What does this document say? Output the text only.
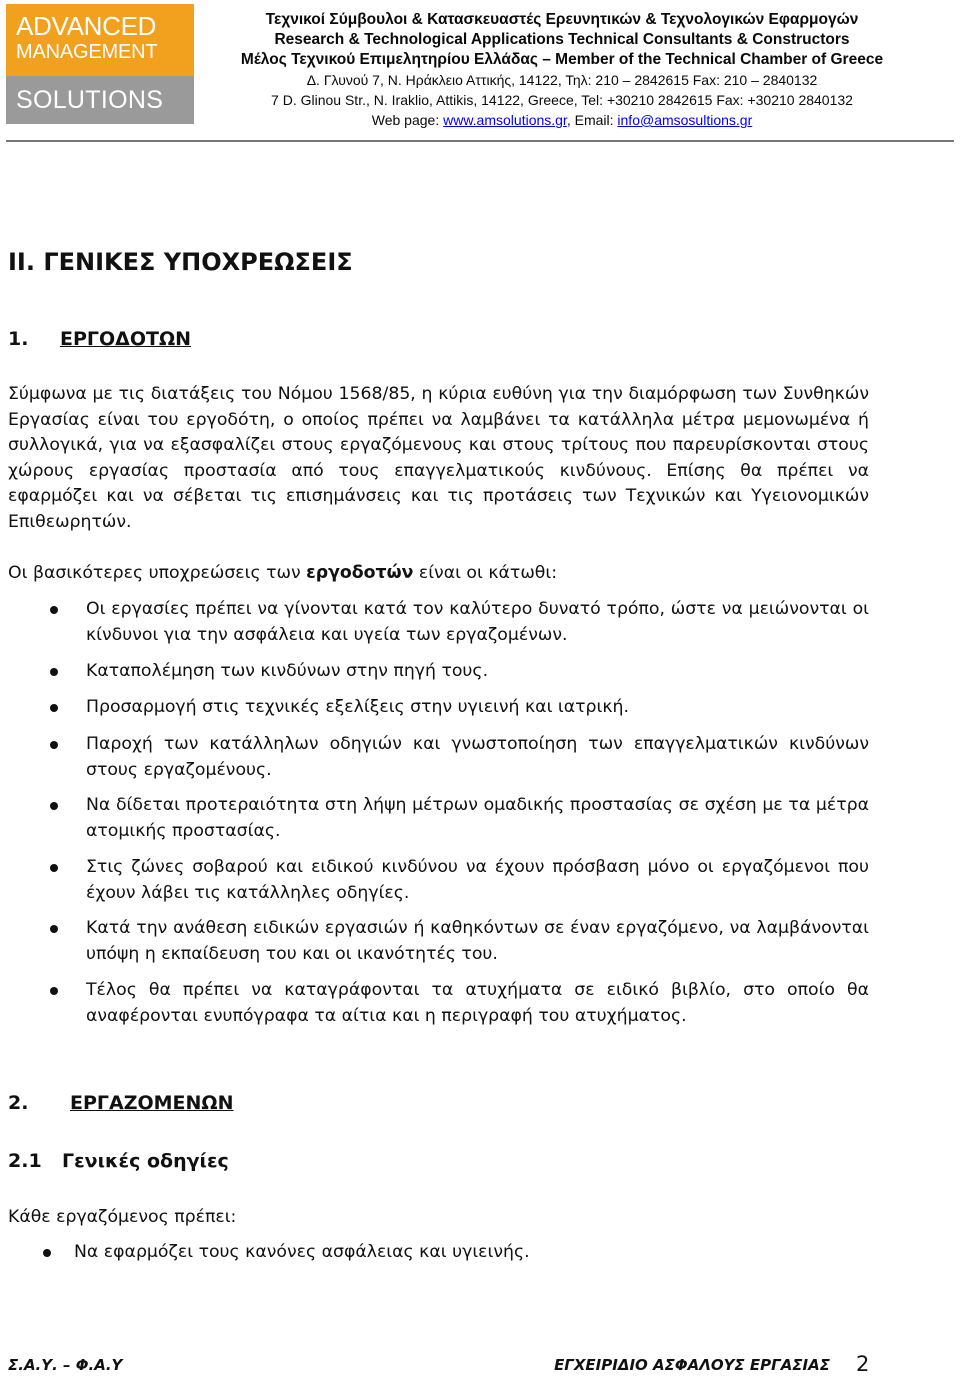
ADVANCED
MANAGEMENT
SOLUTIONS
Τεχνικοί Σύμβουλοι & Κατασκευαστές Ερευνητικών & Τεχνολογικών Εφαρμογών
Research & Technological Applications Technical Consultants & Constructors
Μέλος Τεχνικού Επιμελητηρίου Ελλάδας – Member of the Technical Chamber of Greece
Δ. Γλυνού 7, Ν. Ηράκλειο Αττικής, 14122, Τηλ: 210 – 2842615 Fax: 210 – 2840132
7 D. Glinou Str., N. Iraklio, Attikis, 14122, Greece, Tel: +30210 2842615 Fax: +30210 2840132
Web page: www.amsolutions.gr, Email: info@amsosultions.gr
II. ΓΕΝΙΚΕΣ ΥΠΟΧΡΕΩΣΕΙΣ
1. ΕΡΓΟΔΟΤΩΝ
Σύμφωνα με τις διατάξεις του Νόμου 1568/85, η κύρια ευθύνη για την διαμόρφωση των Συνθηκών Εργασίας είναι του εργοδότη, ο οποίος πρέπει να λαμβάνει τα κατάλληλα μέτρα μεμονωμένα ή συλλογικά, για να εξασφαλίζει στους εργαζόμενους και στους τρίτους που παρευρίσκονται στους χώρους εργασίας προστασία από τους επαγγελματικούς κινδύνους. Επίσης θα πρέπει να εφαρμόζει και να σέβεται τις επισημάνσεις και τις προτάσεις των Τεχνικών και Υγειονομικών Επιθεωρητών.
Οι βασικότερες υποχρεώσεις των εργοδοτών είναι οι κάτωθι:
Οι εργασίες πρέπει να γίνονται κατά τον καλύτερο δυνατό τρόπο, ώστε να μειώνονται οι κίνδυνοι για την ασφάλεια και υγεία των εργαζομένων.
Καταπολέμηση των κινδύνων στην πηγή τους.
Προσαρμογή στις τεχνικές εξελίξεις στην υγιεινή και ιατρική.
Παροχή των κατάλληλων οδηγιών και γνωστοποίηση των επαγγελματικών κινδύνων στους εργαζομένους.
Να δίδεται προτεραιότητα στη λήψη μέτρων ομαδικής προστασίας σε σχέση με τα μέτρα ατομικής προστασίας.
Στις ζώνες σοβαρού και ειδικού κινδύνου να έχουν πρόσβαση μόνο οι εργαζόμενοι που έχουν λάβει τις κατάλληλες οδηγίες.
Κατά την ανάθεση ειδικών εργασιών ή καθηκόντων σε έναν εργαζόμενο, να λαμβάνονται υπόψη η εκπαίδευση του και οι ικανότητές του.
Τέλος θα πρέπει να καταγράφονται τα ατυχήματα σε ειδικό βιβλίο, στο οποίο θα αναφέρονται ενυπόγραφα τα αίτια και η περιγραφή του ατυχήματος.
2. ΕΡΓΑΖΟΜΕΝΩΝ
2.1 Γενικές οδηγίες
Κάθε εργαζόμενος πρέπει:
Να εφαρμόζει τους κανόνες ασφάλειας και υγιεινής.
Σ.Α.Υ. – Φ.Α.Υ	ΕΓΧΕΙΡΙΔΙΟ ΑΣΦΑΛΟΥΣ ΕΡΓΑΣΙΑΣ 2
